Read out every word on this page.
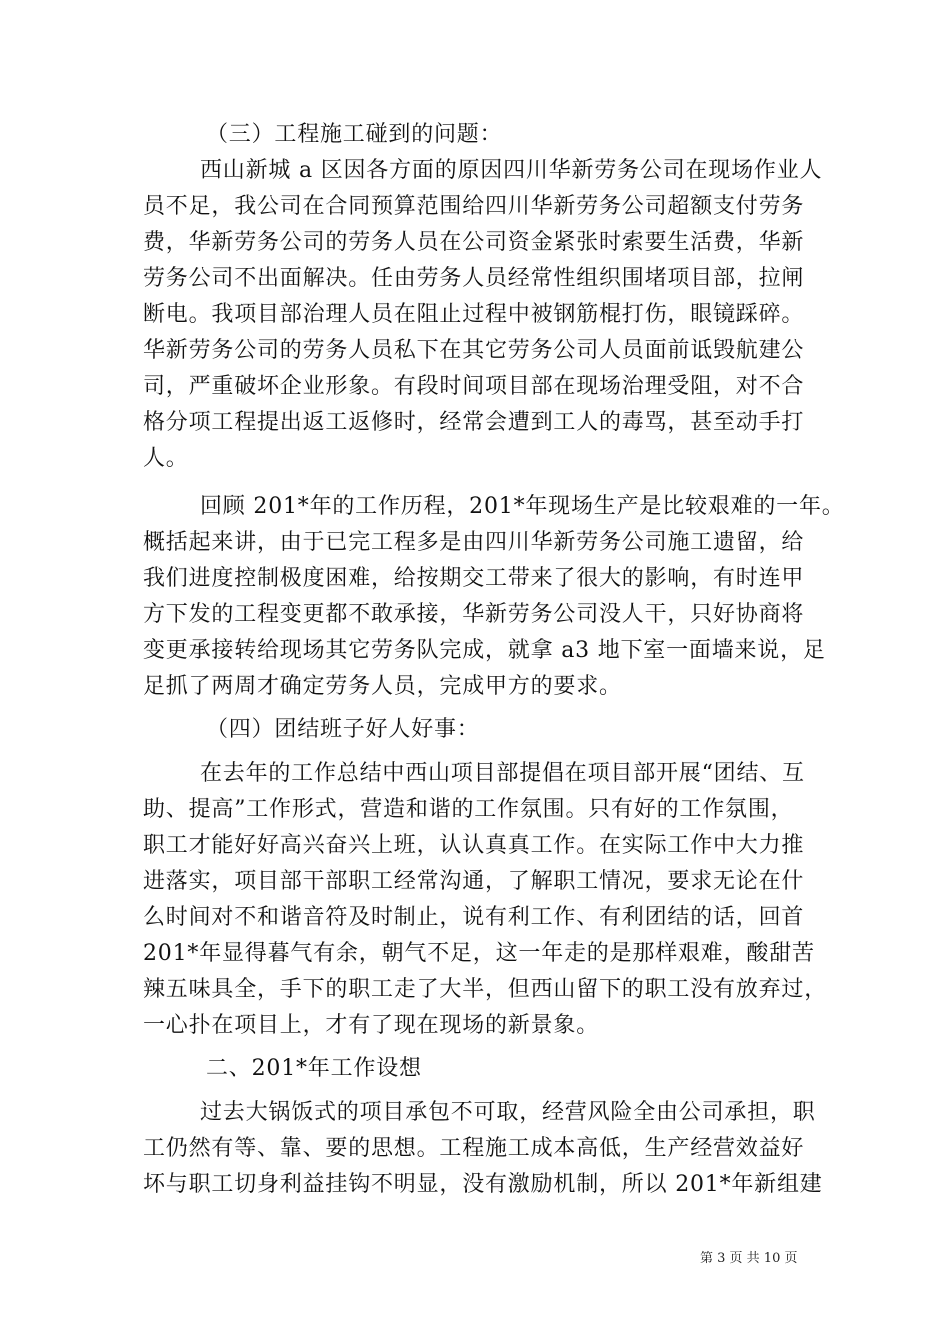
（三）工程施工碰到的问题：
西山新城 a 区因各方面的原因四川华新劳务公司在现场作业人
员不足，我公司在合同预算范围给四川华新劳务公司超额支付劳务
费，华新劳务公司的劳务人员在公司资金紧张时索要生活费，华新
劳务公司不出面解决。任由劳务人员经常性组织围堵项目部，拉闸
断电。我项目部治理人员在阻止过程中被钢筋棍打伤，眼镜踩碎。
华新劳务公司的劳务人员私下在其它劳务公司人员面前诋毁航建公
司，严重破坏企业形象。有段时间项目部在现场治理受阻，对不合
格分项工程提出返工返修时，经常会遭到工人的毒骂，甚至动手打
人。
回顾 201*年的工作历程，201*年现场生产是比较艰难的一年。
概括起来讲，由于已完工程多是由四川华新劳务公司施工遗留，给
我们进度控制极度困难，给按期交工带来了很大的影响，有时连甲
方下发的工程变更都不敢承接，华新劳务公司没人干，只好协商将
变更承接转给现场其它劳务队完成，就拿 a3 地下室一面墙来说，足
足抓了两周才确定劳务人员，完成甲方的要求。
（四）团结班子好人好事：
在去年的工作总结中西山项目部提倡在项目部开展“团结、互
助、提高”工作形式，营造和谐的工作氛围。只有好的工作氛围，
职工才能好好高兴奋兴上班，认认真真工作。在实际工作中大力推
进落实，项目部干部职工经常沟通，了解职工情况，要求无论在什
么时间对不和谐音符及时制止，说有利工作、有利团结的话，回首
201*年显得暮气有余，朝气不足，这一年走的是那样艰难，酸甜苦
辣五味具全，手下的职工走了大半，但西山留下的职工没有放弃过，
一心扑在项目上，才有了现在现场的新景象。
二、201*年工作设想
过去大锅饭式的项目承包不可取，经营风险全由公司承担，职
工仍然有等、靠、要的思想。工程施工成本高低，生产经营效益好
坏与职工切身利益挂钩不明显，没有激励机制，所以 201*年新组建
第 3 页 共 10 页
